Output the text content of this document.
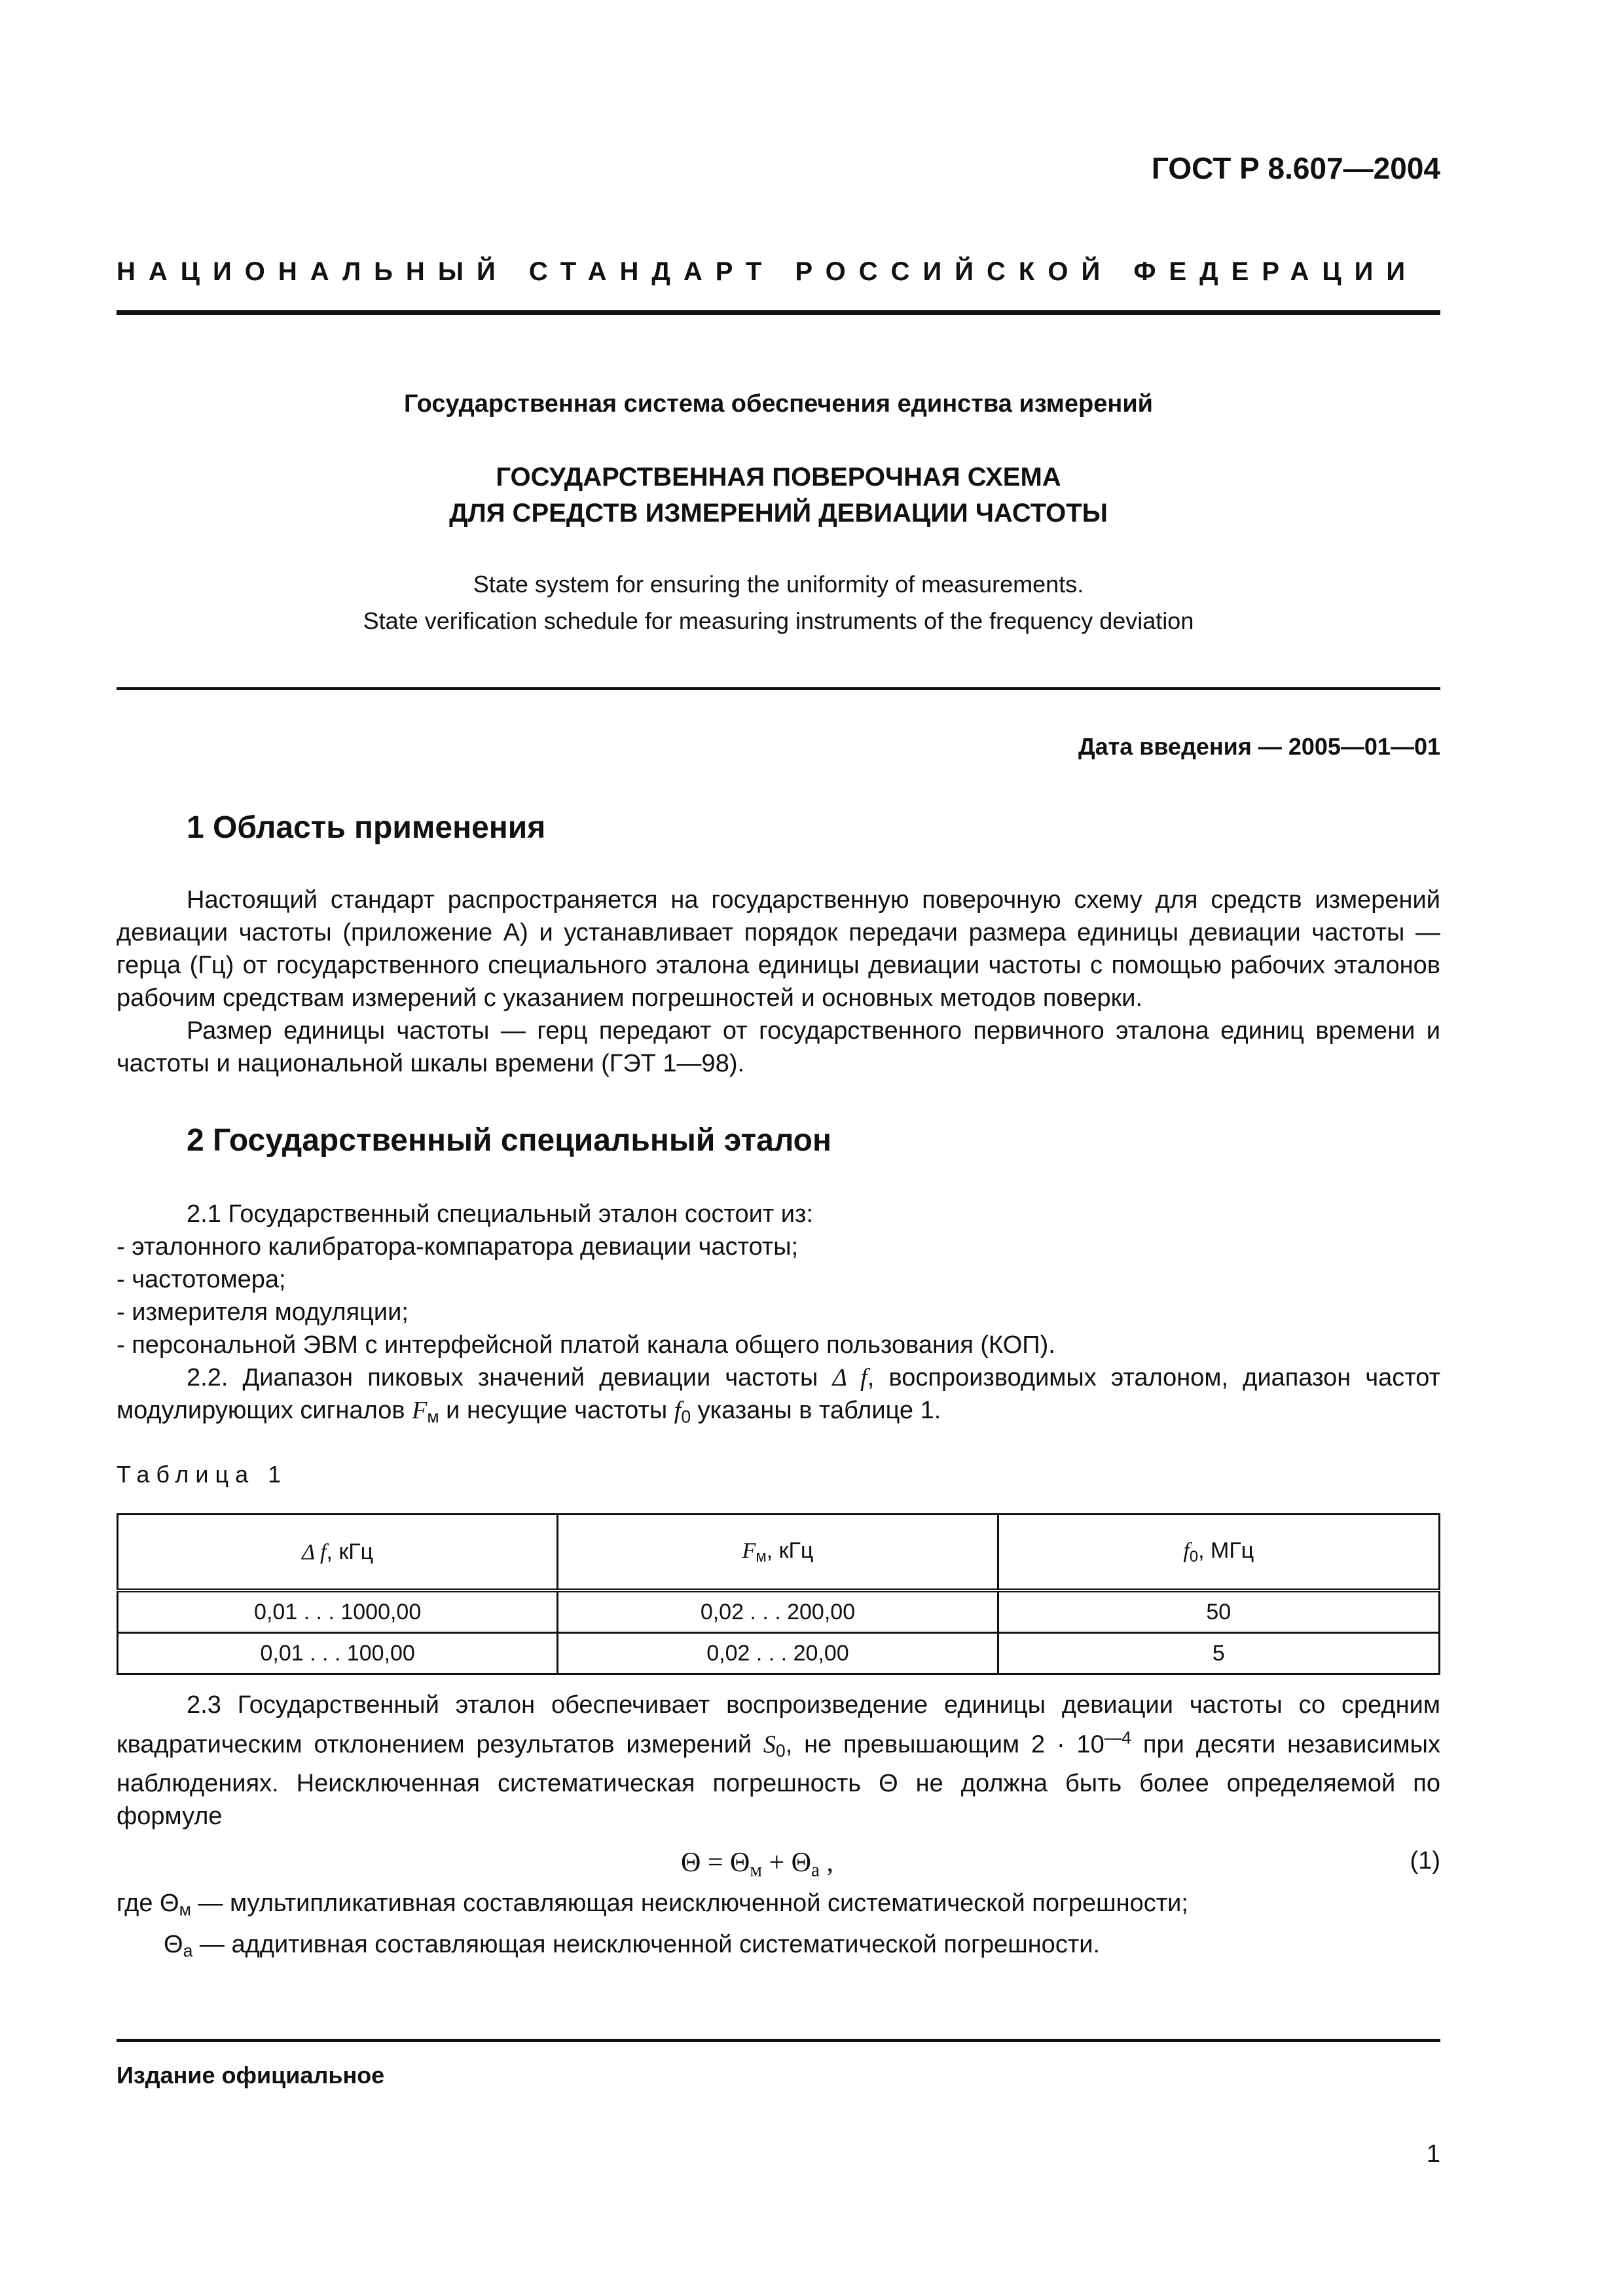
ГОСТ Р 8.607—2004
НАЦИОНАЛЬНЫЙ СТАНДАРТ РОССИЙСКОЙ ФЕДЕРАЦИИ
Государственная система обеспечения единства измерений
ГОСУДАРСТВЕННАЯ ПОВЕРОЧНАЯ СХЕМА
ДЛЯ СРЕДСТВ ИЗМЕРЕНИЙ ДЕВИАЦИИ ЧАСТОТЫ
State system for ensuring the uniformity of measurements.
State verification schedule for measuring instruments of the frequency deviation
Дата введения — 2005—01—01
1 Область применения
Настоящий стандарт распространяется на государственную поверочную схему для средств измерений девиации частоты (приложение А) и устанавливает порядок передачи размера единицы девиации частоты — герца (Гц) от государственного специального эталона единицы девиации частоты с помощью рабочих эталонов рабочим средствам измерений с указанием погрешностей и основных методов поверки.
Размер единицы частоты — герц передают от государственного первичного эталона единиц времени и частоты и национальной шкалы времени (ГЭТ 1—98).
2 Государственный специальный эталон
2.1 Государственный специальный эталон состоит из:
- эталонного калибратора-компаратора девиации частоты;
- частотомера;
- измерителя модуляции;
- персональной ЭВМ с интерфейсной платой канала общего пользования (КОП).
2.2. Диапазон пиковых значений девиации частоты Δ f, воспроизводимых эталоном, диапазон частот модулирующих сигналов $F_м$ и несущие частоты $f_0$ указаны в таблице 1.
Таблица 1
Δ f, кГц	$F_м$, кГц	$f_0$, МГц
0,01 . . . 1000,00	0,02 . . . 200,00	50
0,01 . . . 100,00	0,02 . . . 20,00	5
2.3 Государственный эталон обеспечивает воспроизведение единицы девиации частоты со средним квадратическим отклонением результатов измерений $S_0$, не превышающим $2 \cdot 10^{—4}$ при десяти независимых наблюдениях. Неисключенная систематическая погрешность Θ не должна быть более определяемой по формуле
$\Theta = \Theta_м + \Theta_а$ ,	(1)
где $\Theta_м$ — мультипликативная составляющая неисключенной систематической погрешности;
$\Theta_а$ — аддитивная составляющая неисключенной систематической погрешности.
Издание официальное
1
